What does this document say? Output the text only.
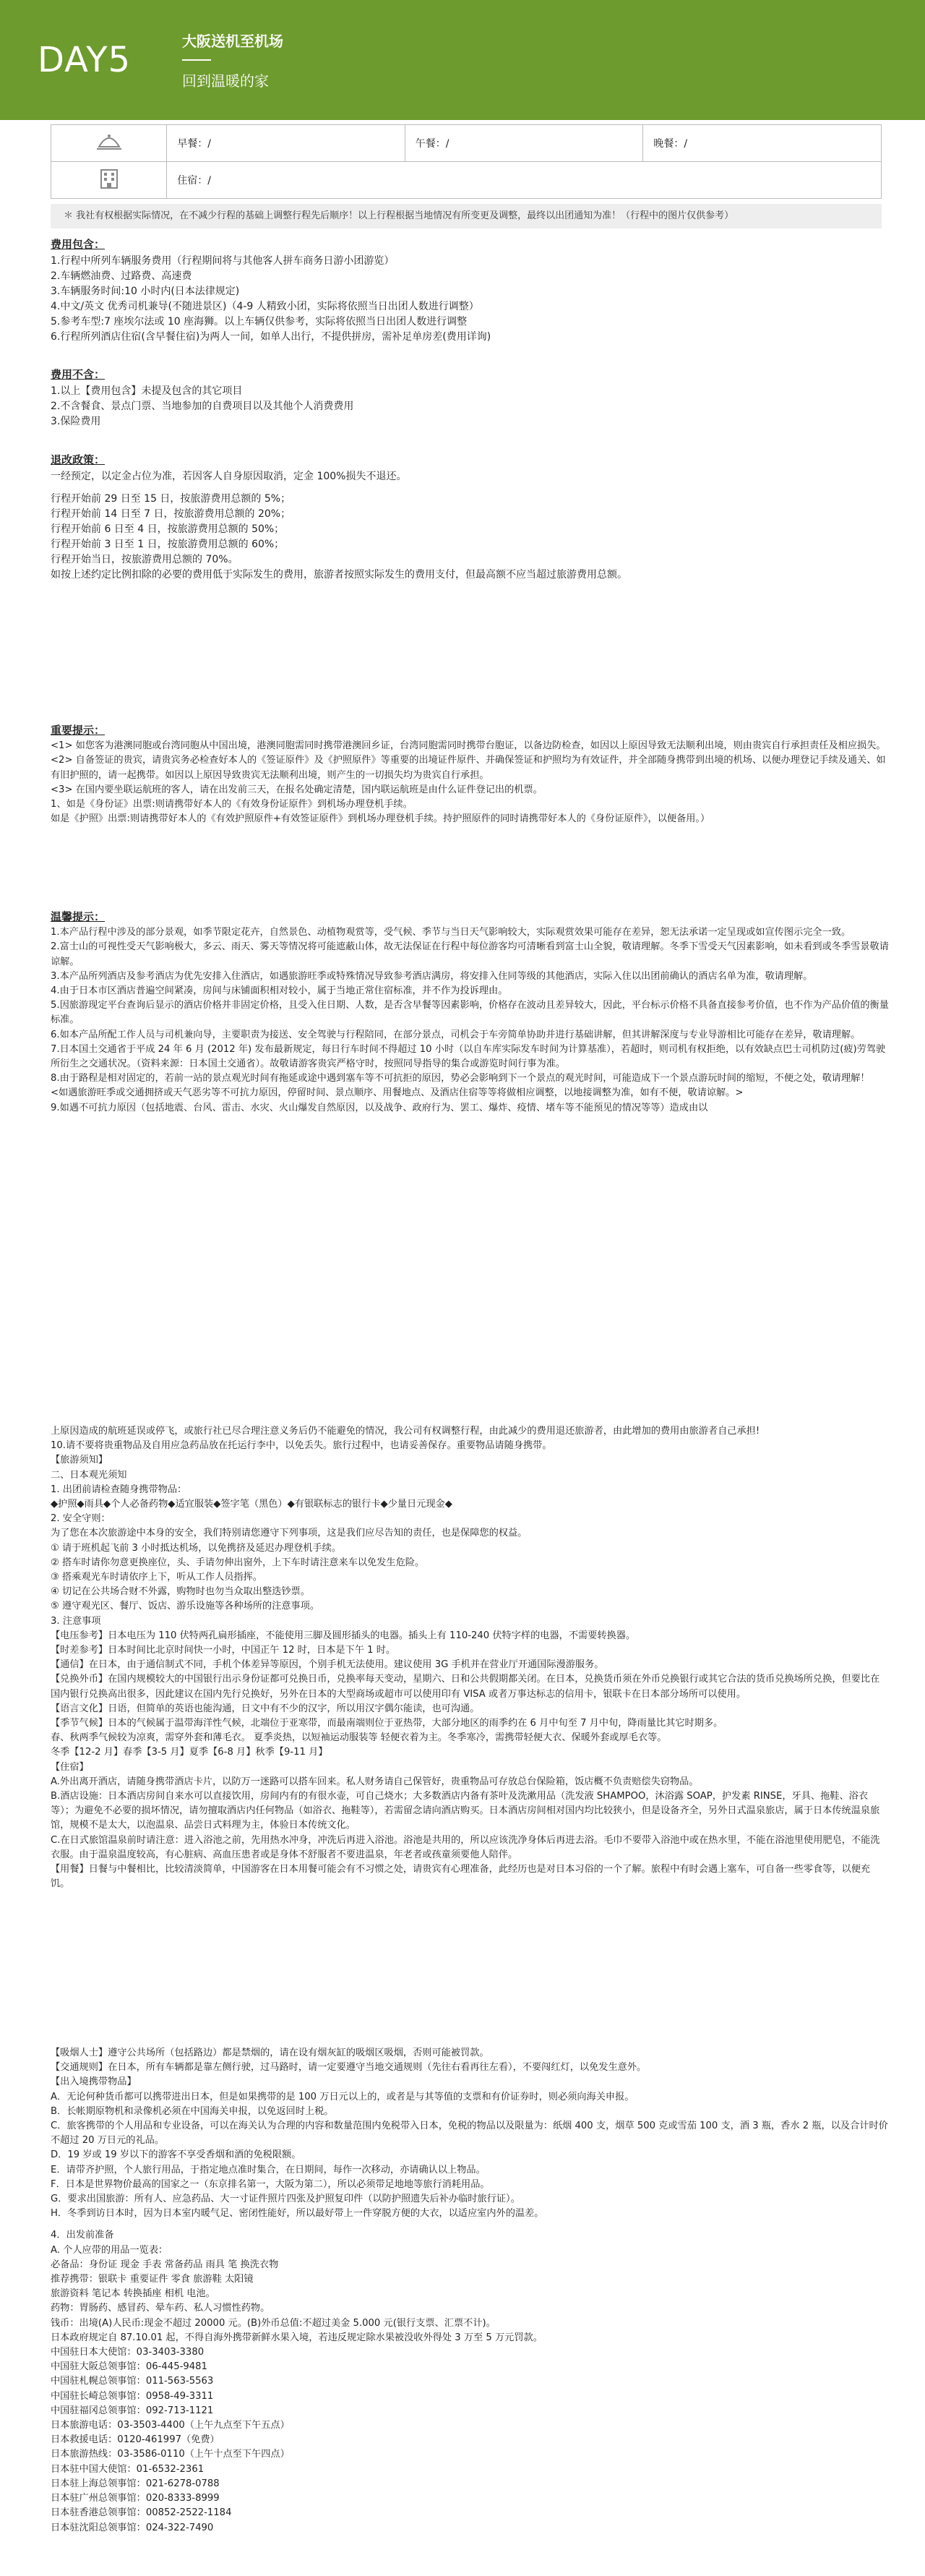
DAY5	大阪送机至机场
回到温暖的家
	早餐：/	午餐：/	晚餐：/
	住宿：/		
＊ 我社有权根据实际情况，在不减少行程的基础上调整行程先后顺序！以上行程根据当地情况有所变更及调整，最终以出团通知为准！（行程中的图片仅供参考）
费用包含：

1.行程中所列车辆服务费用（行程期间将与其他客人拼车商务日游小团游览）

2.车辆燃油费、过路费、高速费

3.车辆服务时间:10 小时内(日本法律规定)

4.中文/英文 优秀司机兼导(不随进景区)（4-9 人精致小团，实际将依照当日出团人数进行调整）

5.参考车型:7 座埃尔法或 10 座海狮。以上车辆仅供参考，实际将依照当日出团人数进行调整

6.行程所列酒店住宿(含早餐住宿)为两人一间，如单人出行，不提供拼房，需补足单房差(费用详询)

费用不含：

1.以上【费用包含】未提及包含的其它项目

2.不含餐食、景点门票、当地参加的自费项目以及其他个人消费费用

3.保险费用

退改政策：

一经预定，以定金占位为准，若因客人自身原因取消，定金 100%损失不退还。

行程开始前 29 日至 15 日，按旅游费用总额的 5%；

行程开始前 14 日至 7 日，按旅游费用总额的 20%；

行程开始前 6 日至 4 日，按旅游费用总额的 50%；

行程开始前 3 日至 1 日，按旅游费用总额的 60%；

行程开始当日，按旅游费用总额的 70%。

如按上述约定比例扣除的必要的费用低于实际发生的费用，旅游者按照实际发生的费用支付，但最高额不应当超过旅游费用总额。

重要提示：

<1> 如您客为港澳同胞或台湾同胞从中国出境，港澳同胞需同时携带港澳回乡证，台湾同胞需同时携带台胞证，以备边防检查，如因以上原因导致无法顺利出境，则由贵宾自行承担责任及相应损失。

<2> 自备签证的贵宾，请贵宾务必检查好本人的《签证原件》及《护照原件》等重要的出境证件原件、并确保签证和护照均为有效证件，并全部随身携带到出境的机场、以便办理登记手续及通关、如有旧护照的，请一起携带。如因以上原因导致贵宾无法顺利出境，则产生的一切损失均为贵宾自行承担。

<3> 在国内要坐联运航班的客人，请在出发前三天，在报名处确定清楚，国内联运航班是由什么证件登记出的机票。

1、如是《身份证》出票:则请携带好本人的《有效身份证原件》到机场办理登机手续。

如是《护照》出票:则请携带好本人的《有效护照原件+有效签证原件》到机场办理登机手续。持护照原件的同时请携带好本人的《身份证原件》，以便备用。）

温馨提示：

1.本产品行程中涉及的部分景观，如季节限定花卉，自然景色、动植物观赏等，受气候、季节与当日天气影响较大，实际观赏效果可能存在差异，恕无法承诺一定呈现或如宣传图示完全一致。

2.富士山的可视性受天气影响极大，多云、雨天、雾天等情况将可能遮蔽山体，故无法保证在行程中每位游客均可清晰看到富士山全貌，敬请理解。冬季下雪受天气因素影响，如未看到或冬季雪景敬请谅解。

3.本产品所列酒店及参考酒店为优先安排入住酒店，如遇旅游旺季或特殊情况导致参考酒店满房，将安排入住同等级的其他酒店，实际入住以出团前确认的酒店名单为准，敬请理解。

4.由于日本市区酒店普遍空间紧凑，房间与床铺面积相对较小，属于当地正常住宿标准，并不作为投诉理由。

5.因旅游现定平台查询后显示的酒店价格并非固定价格，且受入住日期、人数，是否含早餐等因素影响，价格存在波动且差异较大，因此，平台标示价格不具备直接参考价值，也不作为产品价值的衡量标准。

6.如本产品所配工作人员与司机兼向导，主要职责为接送、安全驾驶与行程陪同，在部分景点，司机会于车旁简单协助并进行基础讲解，但其讲解深度与专业导游相比可能存在差异，敬请理解。

7.日本国土交通省于平成 24 年 6 月 (2012 年) 发布最新规定，每日行车时间不得超过 10 小时（以自车库实际发车时间为计算基准），若超时，则司机有权拒绝，以有效缺点巴士司机防过(疲)劳驾驶所衍生之交通状况。（资料来源：日本国土交通省）。故敬请游客贵宾严格守时，按照同导指导的集合或游览时间行事为准。

8.由于路程是相对固定的，若前一站的景点观光时间有拖延或途中遇到塞车等不可抗拒的原因，势必会影响到下一个景点的观光时间，可能造成下一个景点游玩时间的缩短，不便之处，敬请理解！

<如遇旅游旺季或交通拥挤或天气恶劣等不可抗力原因，停留时间、景点顺序、用餐地点、及酒店住宿等等将做相应调整，以地接调整为准，如有不便，敬请谅解。>

9.如遇不可抗力原因（包括地震、台风、雷击、水灾、火山爆发自然原因，以及战争、政府行为、罢工、爆炸、疫情、堵车等不能预见的情况等等）造成由以

上原因造成的航班延误或停飞，或旅行社已尽合理注意义务后仍不能避免的情况，我公司有权调整行程，由此减少的费用退还旅游者，由此增加的费用由旅游者自己承担!

10.请不要将贵重物品及自用应急药品放在托运行李中，以免丢失。旅行过程中，也请妥善保存。重要物品请随身携带。

【旅游须知】

二、日本观光须知

1. 出团前请检查随身携带物品：

◆护照◆雨具◆个人必备药物◆适宜服装◆签字笔（黑色）◆有银联标志的银行卡◆少量日元现金◆

2. 安全守则：

为了您在本次旅游途中本身的安全，我们特别请您遵守下列事项，这是我们应尽告知的责任，也是保障您的权益。

① 请于班机起飞前 3 小时抵达机场，以免携挤及延迟办理登机手续。

② 搭车时请你勿意更换座位，头、手请勿伸出窗外，上下车时请注意来车以免发生危险。

③ 搭乘观光车时请依序上下，听从工作人员指挥。

④ 切记在公共场合财不外露，购物时也勿当众取出整迭钞票。

⑤ 遵守观光区、餐厅、饭店、游乐设施等各种场所的注意事项。

3. 注意事项

【电压参考】日本电压为 110 伏特两孔扁形插座，不能使用三脚及圆形插头的电器。插头上有 110-240 伏特字样的电器，不需要转换器。

【时差参考】日本时间比北京时间快一小时，中国正午 12 时，日本是下午 1 时。

【通信】在日本，由于通信制式不同，手机个体差异等原因，个别手机无法使用。建议使用 3G 手机并在营业厅开通国际漫游服务。

【兑换外币】在国内规模较大的中国银行出示身份证都可兑换日币，兑换率每天变动，星期六、日和公共假期都关闭。在日本，兑换货币须在外币兑换银行或其它合法的货币兑换场所兑换，但要比在国内银行兑换高出很多，因此建议在国内先行兑换好，另外在日本的大型商场或超市可以使用印有 VISA 或者万事达标志的信用卡，银联卡在日本部分场所可以使用。

【语言文化】日语，但简单的英语也能沟通，日文中有不少的汉字，所以用汉字偶尔能读，也可沟通。

【季节气候】日本的气候属于温带海洋性气候，北端位于亚寒带，而最南端则位于亚热带，大部分地区的雨季约在 6 月中旬至 7 月中旬，降雨量比其它时期多。

春、秋两季气候较为凉爽，需穿外套和薄毛衣。 夏季炎热，以短袖运动服装等 轻便衣着为主。冬季寒冷，需携带轻便大衣、保暖外套或厚毛衣等。

冬季【12-2 月】春季【3-5 月】夏季【6-8 月】秋季【9-11 月】

【住宿】

A.外出离开酒店，请随身携带酒店卡片，以防万一迷路可以搭车回来。私人财务请自己保管好，贵重物品可存放总台保险箱，饭店概不负责赔偿失窃物品。

B.酒店设施：日本酒店房间自来水可以直接饮用，房间内有的有很水壶，可自己烧水；大多数酒店内备有茶叶及洗漱用品（洗发液 SHAMPOO，沐浴露 SOAP，护发素 RINSE，牙具、拖鞋、浴衣等）；为避免不必要的损坏情况，请勿擅取酒店内任何物品（如浴衣、拖鞋等），若需留念请向酒店购买。日本酒店房间相对国内均比较狭小，但是设备齐全，另外日式温泉旅店，属于日本传统温泉旅馆，规模不是太大，以泡温泉、品尝日式料理为主，体验日本传统文化。

C.在日式旅馆温泉前时请注意：进入浴池之前，先用热水冲身，冲洗后再进入浴池。浴池是共用的，所以应该洗净身体后再进去浴。毛巾不要带入浴池中或在热水里，不能在浴池里使用肥皂，不能洗衣服。由于温泉温度较高，有心脏病、高血压患者或是身体不舒服者不要进温泉，年老者或孩童须要他人陪伴。

【用餐】日餐与中餐相比，比较清淡简单，中国游客在日本用餐可能会有不习惯之处，请贵宾有心理准备，此经历也是对日本习俗的一个了解。旅程中有时会遇上塞车，可自备一些零食等，以便充饥。

【吸烟人士】遵守公共场所（包括路边）都是禁烟的，请在设有烟灰缸的吸烟区吸烟，否则可能被罚款。

【交通规则】在日本，所有车辆都是靠左侧行驶，过马路时，请一定要遵守当地交通规则（先往右看再往左看），不要闯红灯，以免发生意外。

【出入境携带物品】

A．无论何种货币都可以携带进出日本，但是如果携带的是 100 万日元以上的，或者是与其等值的支票和有价证券时，则必须向海关申报。

B．长帐期原物机和录像机必须在中国海关申报，以免返回时上税。

C．旅客携带的个人用品和专业设备，可以在海关认为合理的内容和数量范围内免税带入日本，免税的物品以及限量为：纸烟 400 支，烟草 500 克或雪茄 100 支，酒 3 瓶，香水 2 瓶，以及合计时价不超过 20 万日元的礼品。

D．19 岁或 19 岁以下的游客不享受香烟和酒的免税限额。

E．请带齐护照，个人旅行用品，于指定地点准时集合，在日期间，每作一次移动，亦请确认以上物品。

F．日本是世界物价最高的国家之一（东京排名第一，大阪为第二），所以必须带足地地等旅行消耗用品。

G．要求出国旅游：所有人、应急药品、大一寸证件照片四张及护照复印件（以防护照遗失后补办临时旅行证）。

H．冬季到访日本时，因为日本室内暖气足、密闭性能好，所以最好带上一件穿脱方便的大衣，以适应室内外的温差。

4．出发前准备

A. 个人应带的用品一览表：

必备品：身份证 现金 手表 常备药品 雨具 笔 换洗衣物

推荐携带：银联卡 重要证件 零食 旅游鞋 太阳镜

旅游资料 笔记本 转换插座 相机 电池。

药物：胃肠药、感冒药、晕车药、私人习惯性药物。

钱币：出境(A)人民币:现金不超过 20000 元。(B)外币总值:不超过美金 5.000 元(银行支票、汇票不计)。

日本政府规定自 87.10.01 起，不得自海外携带新鲜水果入境，若违反规定除水果被没收外得处 3 万至 5 万元罚款。

中国驻日本大使馆：03-3403-3380

中国驻大阪总领事馆：06-445-9481

中国驻札幌总领事馆：011-563-5563

中国驻长崎总领事馆：0958-49-3311

中国驻福冈总领事馆：092-713-1121

日本旅游电话：03-3503-4400（上午九点至下午五点）

日本救援电话：0120-461997（免费）

日本旅游热线：03-3586-0110（上午十点至下午四点）

日本驻中国大使馆：01-6532-2361

日本驻上海总领事馆：021-6278-0788

日本驻广州总领事馆：020-8333-8999

日本驻香港总领事馆：00852-2522-1184

日本驻沈阳总领事馆：024-322-7490
